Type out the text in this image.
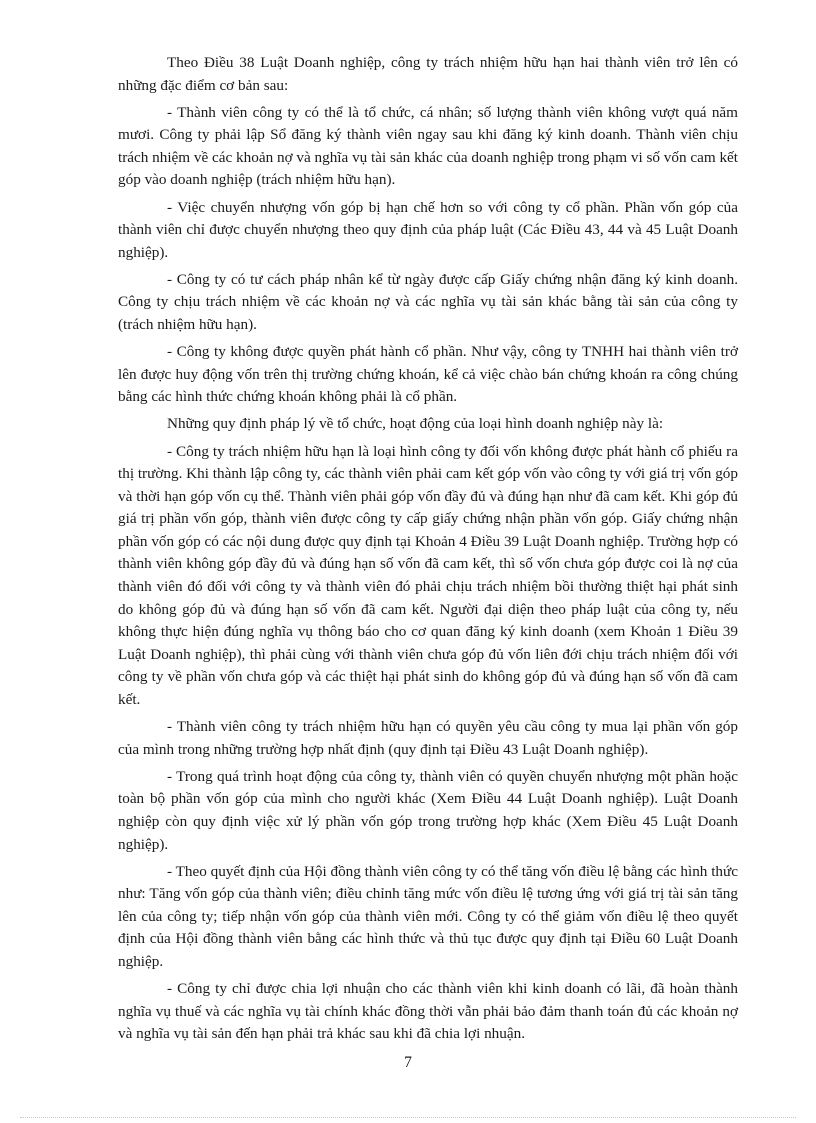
Theo Điều 38 Luật Doanh nghiệp, công ty trách nhiệm hữu hạn hai thành viên trở lên có những đặc điểm cơ bản sau:

- Thành viên công ty có thể là tổ chức, cá nhân; số lượng thành viên không vượt quá năm mươi. Công ty phải lập Sổ đăng ký thành viên ngay sau khi đăng ký kinh doanh. Thành viên chịu trách nhiệm về các khoản nợ và nghĩa vụ tài sản khác của doanh nghiệp trong phạm vi số vốn cam kết góp vào doanh nghiệp (trách nhiệm hữu hạn).

- Việc chuyển nhượng vốn góp bị hạn chế hơn so với công ty cổ phần. Phần vốn góp của thành viên chỉ được chuyển nhượng theo quy định của pháp luật (Các Điều 43, 44 và 45 Luật Doanh nghiệp).

- Công ty có tư cách pháp nhân kể từ ngày được cấp Giấy chứng nhận đăng ký kinh doanh. Công ty chịu trách nhiệm về các khoản nợ và các nghĩa vụ tài sản khác bằng tài sản của công ty (trách nhiệm hữu hạn).

- Công ty không được quyền phát hành cổ phần. Như vậy, công ty TNHH hai thành viên trở lên được huy động vốn trên thị trường chứng khoán, kể cả việc chào bán chứng khoán ra công chúng bằng các hình thức chứng khoán không phải là cổ phần.

Những quy định pháp lý về tổ chức, hoạt động của loại hình doanh nghiệp này là:

- Công ty trách nhiệm hữu hạn là loại hình công ty đối vốn không được phát hành cổ phiếu ra thị trường. Khi thành lập công ty, các thành viên phải cam kết góp vốn vào công ty với giá trị vốn góp và thời hạn góp vốn cụ thể. Thành viên phải góp vốn đầy đủ và đúng hạn như đã cam kết. Khi góp đủ giá trị phần vốn góp, thành viên được công ty cấp giấy chứng nhận phần vốn góp. Giấy chứng nhận phần vốn góp có các nội dung được quy định tại Khoản 4 Điều 39 Luật Doanh nghiệp. Trường hợp có thành viên không góp đầy đủ và đúng hạn số vốn đã cam kết, thì số vốn chưa góp được coi là nợ của thành viên đó đối với công ty và thành viên đó phải chịu trách nhiệm bồi thường thiệt hại phát sinh do không góp đủ và đúng hạn số vốn đã cam kết. Người đại diện theo pháp luật của công ty, nếu không thực hiện đúng nghĩa vụ thông báo cho cơ quan đăng ký kinh doanh (xem Khoản 1 Điều 39 Luật Doanh nghiệp), thì phải cùng với thành viên chưa góp đủ vốn liên đới chịu trách nhiệm đối với công ty về phần vốn chưa góp và các thiệt hại phát sinh do không góp đủ và đúng hạn số vốn đã cam kết.

- Thành viên công ty trách nhiệm hữu hạn có quyền yêu cầu công ty mua lại phần vốn góp của mình trong những trường hợp nhất định (quy định tại Điều 43 Luật Doanh nghiệp).

- Trong quá trình hoạt động của công ty, thành viên có quyền chuyển nhượng một phần hoặc toàn bộ phần vốn góp của mình cho người khác (Xem Điều 44 Luật Doanh nghiệp). Luật Doanh nghiệp còn quy định việc xử lý phần vốn góp trong trường hợp khác (Xem Điều 45 Luật Doanh nghiệp).

- Theo quyết định của Hội đồng thành viên công ty có thể tăng vốn điều lệ bằng các hình thức như: Tăng vốn góp của thành viên; điều chỉnh tăng mức vốn điều lệ tương ứng với giá trị tài sản tăng lên của công ty; tiếp nhận vốn góp của thành viên mới. Công ty có thể giảm vốn điều lệ theo quyết định của Hội đồng thành viên bằng các hình thức và thủ tục được quy định tại Điều 60 Luật Doanh nghiệp.

- Công ty chỉ được chia lợi nhuận cho các thành viên khi kinh doanh có lãi, đã hoàn thành nghĩa vụ thuế và các nghĩa vụ tài chính khác đồng thời vẫn phải bảo đảm thanh toán đủ các khoản nợ và nghĩa vụ tài sản đến hạn phải trả khác sau khi đã chia lợi nhuận.

7
